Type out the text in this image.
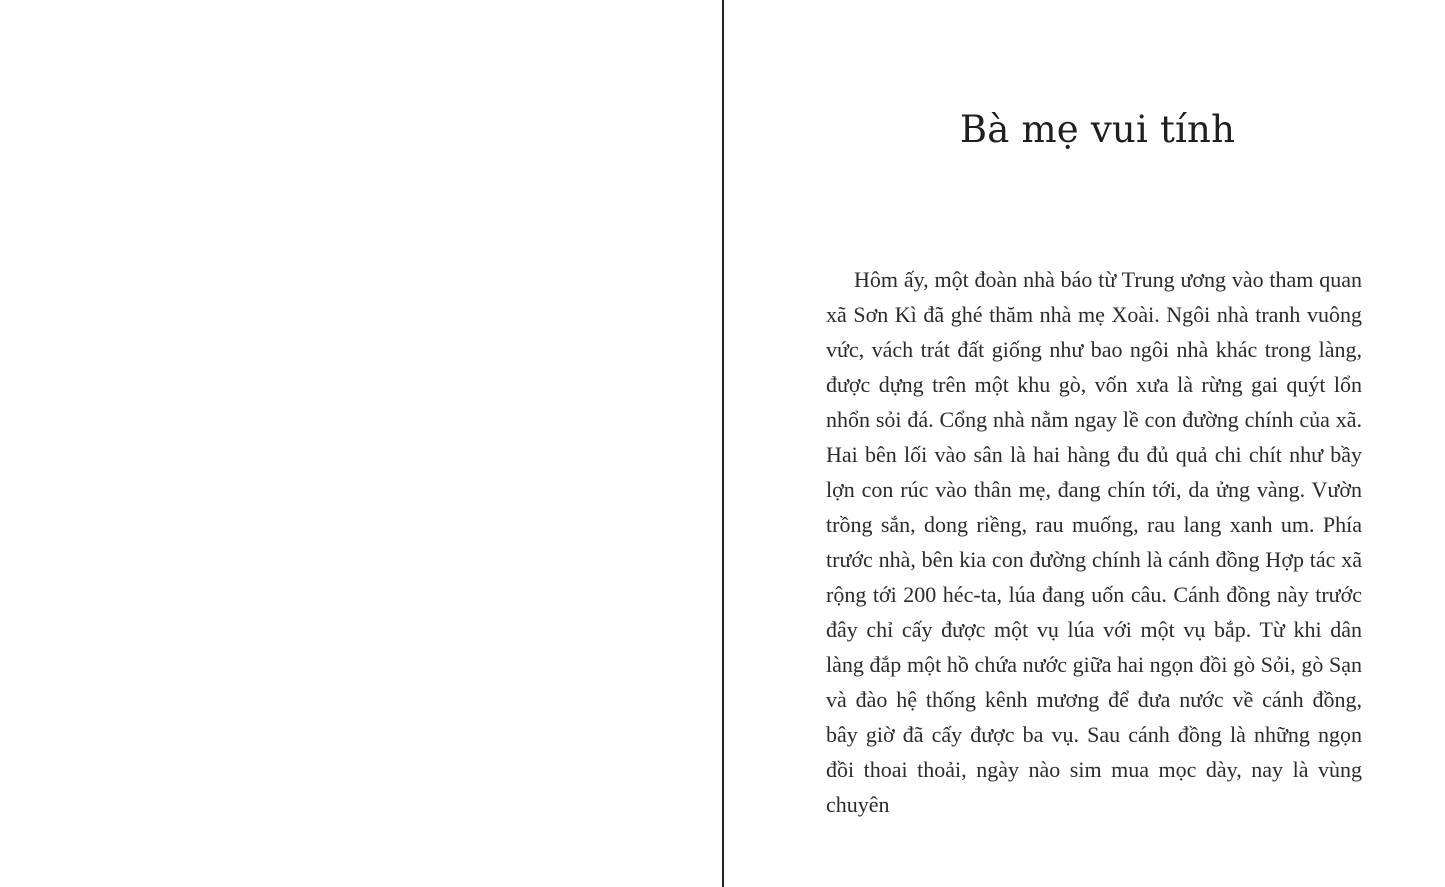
Bà mẹ vui tính

Hôm ấy, một đoàn nhà báo từ Trung ương vào tham quan xã Sơn Kì đã ghé thăm nhà mẹ Xoài. Ngôi nhà tranh vuông vức, vách trát đất giống như bao ngôi nhà khác trong làng, được dựng trên một khu gò, vốn xưa là rừng gai quýt lổn nhổn sỏi đá. Cổng nhà nằm ngay lề con đường chính của xã. Hai bên lối vào sân là hai hàng đu đủ quả chi chít như bầy lợn con rúc vào thân mẹ, đang chín tới, da ửng vàng. Vườn trồng sắn, dong riềng, rau muống, rau lang xanh um. Phía trước nhà, bên kia con đường chính là cánh đồng Hợp tác xã rộng tới 200 héc-ta, lúa đang uốn câu. Cánh đồng này trước đây chỉ cấy được một vụ lúa với một vụ bắp. Từ khi dân làng đắp một hồ chứa nước giữa hai ngọn đồi gò Sỏi, gò Sạn và đào hệ thống kênh mương để đưa nước về cánh đồng, bây giờ đã cấy được ba vụ. Sau cánh đồng là những ngọn đồi thoai thoải, ngày nào sim mua mọc dày, nay là vùng chuyên
